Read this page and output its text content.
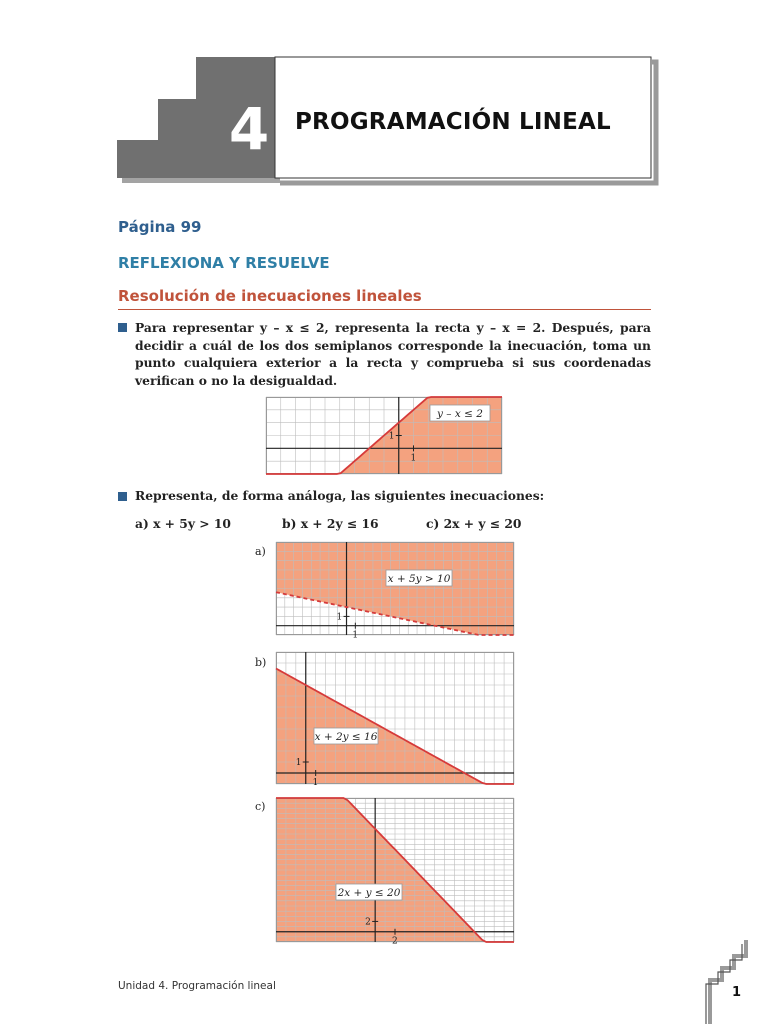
4 PROGRAMACIÓN LINEAL
Página 99
REFLEXIONA Y RESUELVE
Resolución de inecuaciones lineales
Para representar y – x ≤ 2, representa la recta y – x = 2. Después, para decidir a cuál de los dos semiplanos corresponde la inecuación, toma un punto cualquiera exterior a la recta y comprueba si sus coordenadas verifican o no la desigualdad.
Representa, de forma análoga, las siguientes inecuaciones:
a) x + 5y > 10	b) x + 2y ≤ 16	c) 2x + y ≤ 20
a)
b)
c)
1
1
y – x ≤ 2
1
1
x + 5y > 10
1
1
x + 2y ≤ 16
2
2
2x + y ≤ 20
Unidad 4. Programación lineal	1
